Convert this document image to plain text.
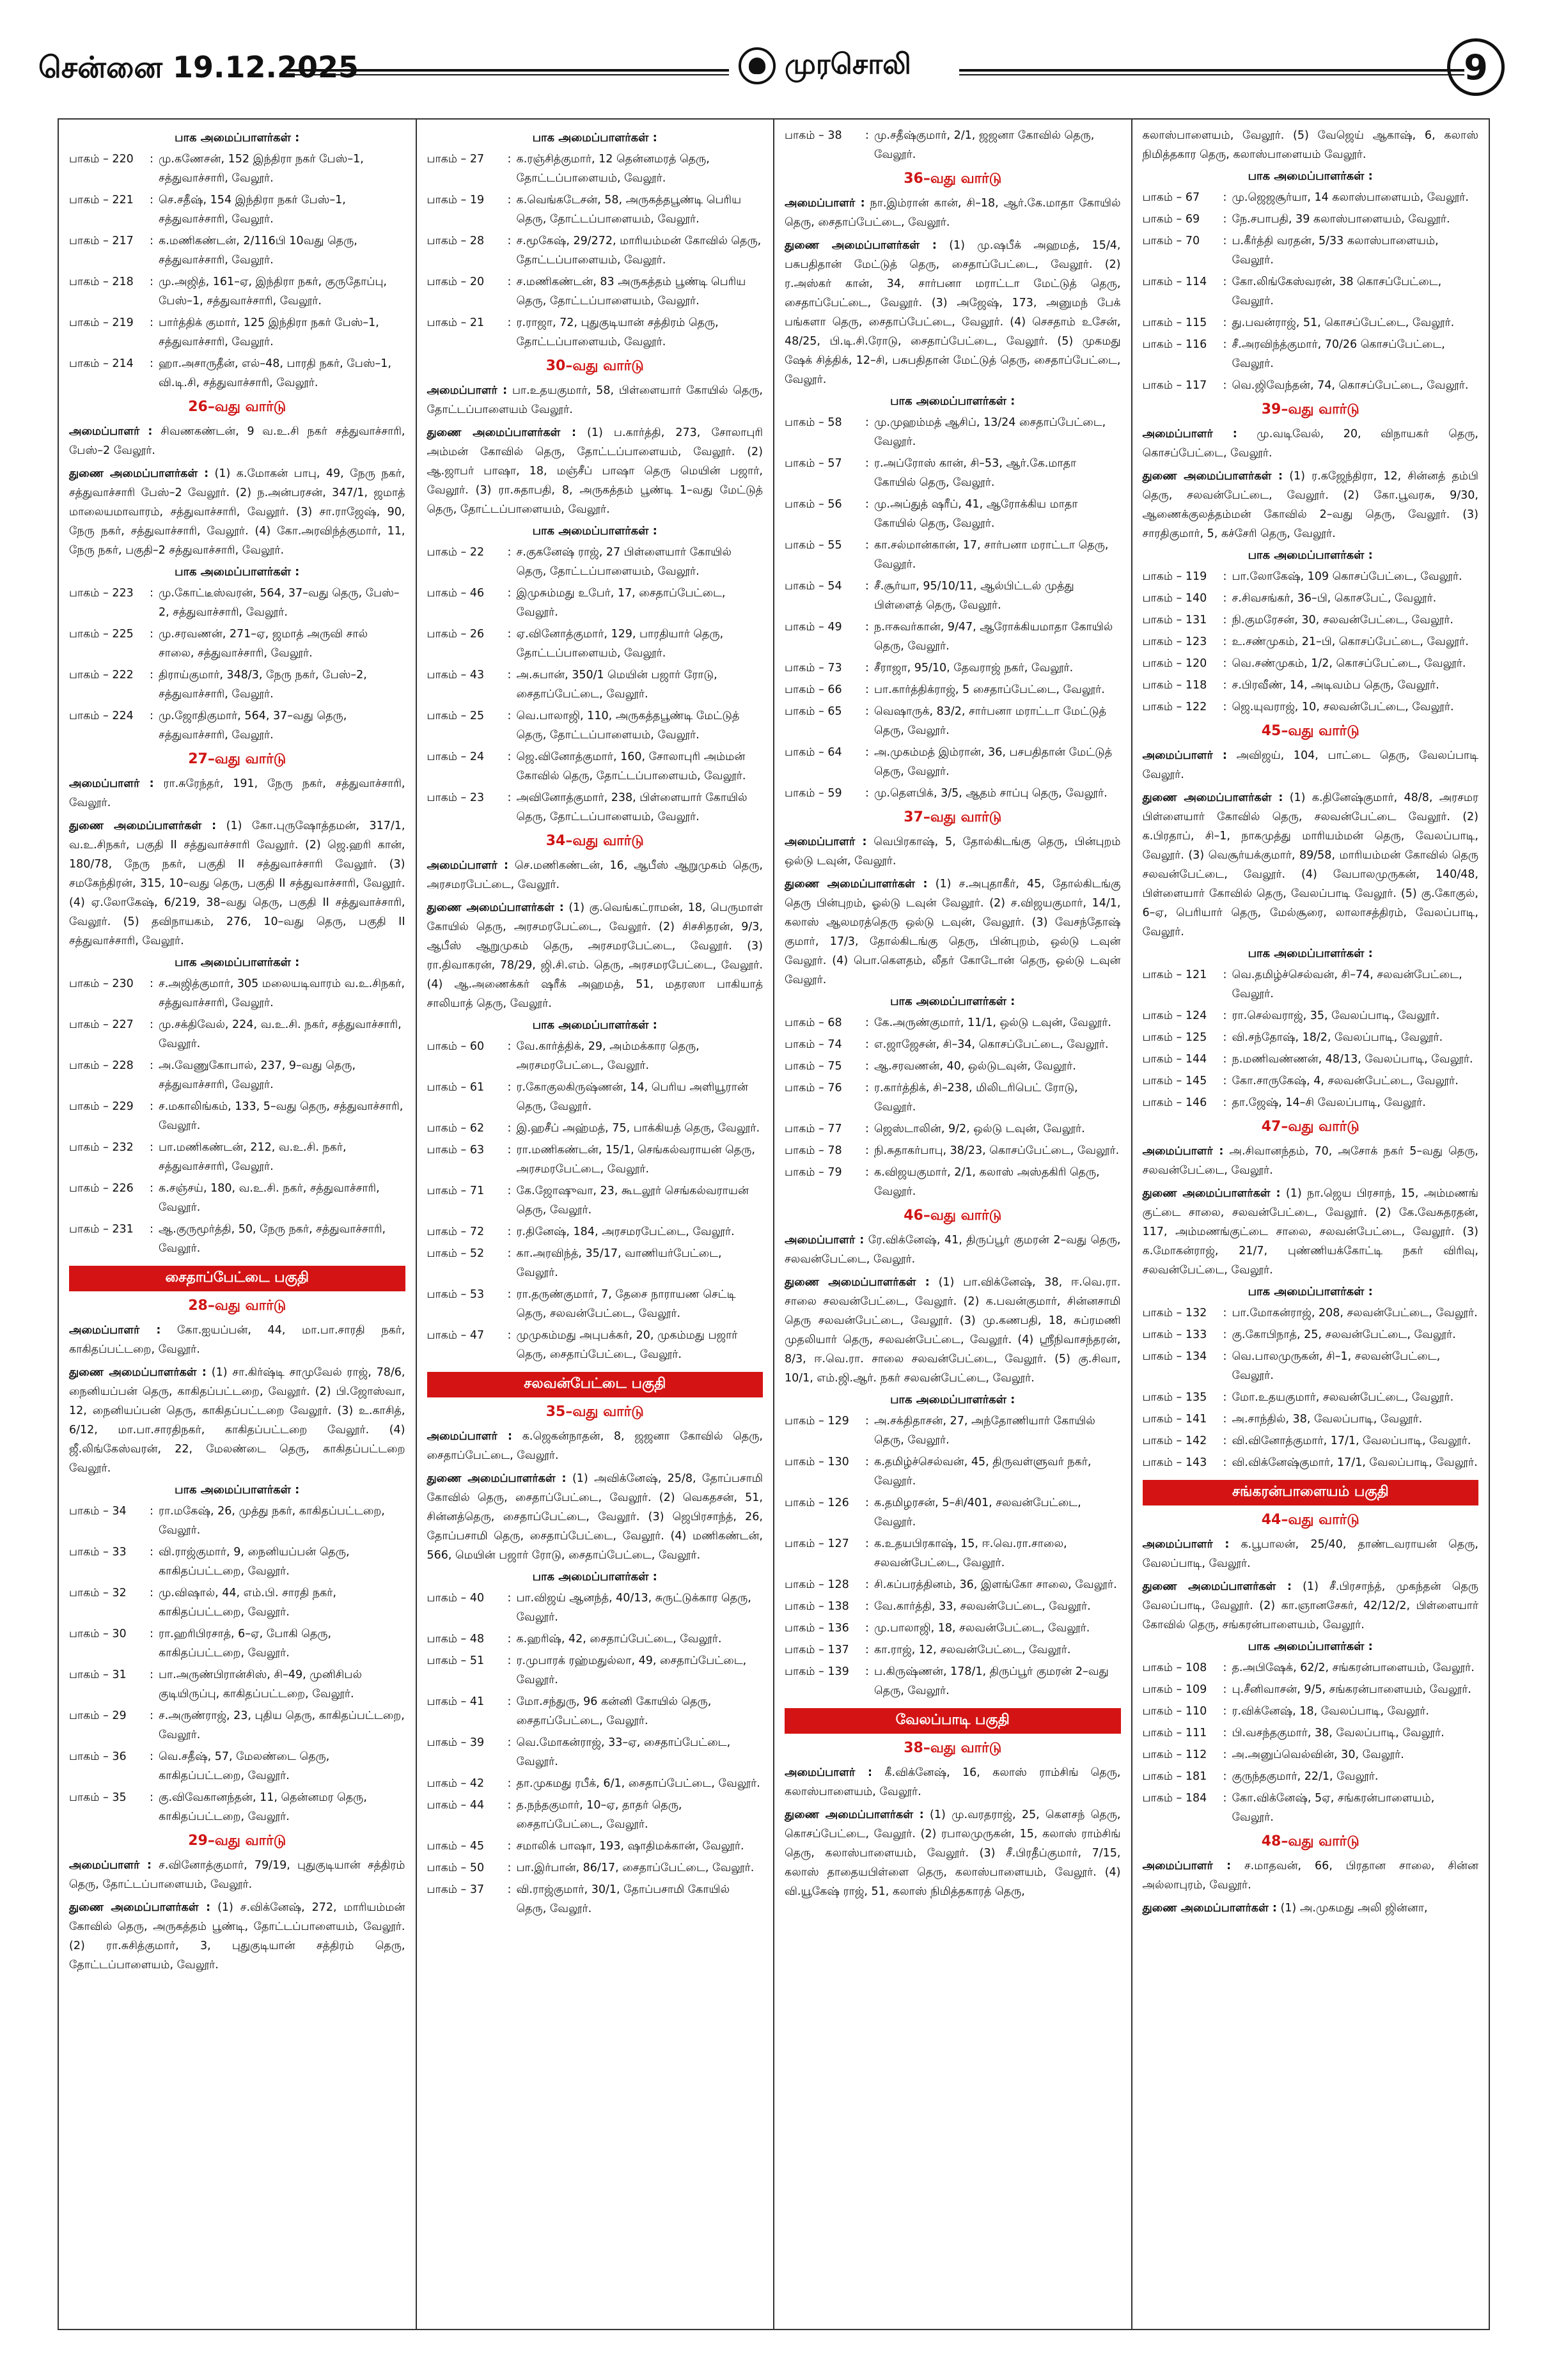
சென்னை 19.12.2025	முரசொலி	9
பாக அமைப்பாளர்கள் :
பாகம் – 220	: மு.கணேசன், 152 இந்திரா நகர் பேஸ்–1, சத்துவாச்சாரி, வேலூர்.
பாகம் – 221	: செ.சதீஷ், 154 இந்திரா நகர் பேஸ்–1, சத்துவாச்சாரி, வேலூர்.
பாகம் – 217	: க.மணிகண்டன், 2/116பி 10வது தெரு, சத்துவாச்சாரி, வேலூர்.
பாகம் – 218	: மு.அஜித், 161–ஏ, இந்திரா நகர், குருதோப்பு, பேஸ்–1, சத்துவாச்சாரி, வேலூர்.
பாகம் – 219	: பார்த்திக் குமார், 125 இந்திரா நகர் பேஸ்–1, சத்துவாச்சாரி, வேலூர்.
பாகம் – 214	: ஹா.அசாருதீன், எல்–48, பாரதி நகர், பேஸ்–1, வி.டி.சி, சத்துவாச்சாரி, வேலூர்.
26–வது வார்டு
அமைப்பாளர் : சிவணகண்டன், 9 வ.உ.சி நகர் சத்துவாச்சாரி, பேஸ்–2 வேலூர்.
துணை அமைப்பாளர்கள் : (1) க.மோகன் பாபு, 49, நேரு நகர், சத்துவாச்சாரி பேஸ்–2 வேலூர். (2) ந.அன்பரசன், 347/1, ஜமாத் மாலையமாவாரம், சத்துவாச்சாரி, வேலூர். (3) சா.ராஜேஷ், 90, நேரு நகர், சத்துவாச்சாரி, வேலூர். (4) கோ.அரவிந்த்குமார், 11, நேரு நகர், பகுதி–2 சத்துவாச்சாரி, வேலூர்.
பாக அமைப்பாளர்கள் :
பாகம் – 223	: மு.கோட்டீஸ்வரன், 564, 37–வது தெரு, பேஸ்–2, சத்துவாச்சாரி, வேலூர்.
பாகம் – 225	: மு.சரவணன், 271–ஏ, ஜமாத் அருவி சால் சாலை, சத்துவாச்சாரி, வேலூர்.
பாகம் – 222	: திராய்குமார், 348/3, நேரு நகர், பேஸ்–2, சத்துவாச்சாரி, வேலூர்.
பாகம் – 224	: மு.ஜோதிகுமார், 564, 37–வது தெரு, சத்துவாச்சாரி, வேலூர்.
27–வது வார்டு
அமைப்பாளர் : ரா.சுரேந்தர், 191, நேரு நகர், சத்துவாச்சாரி, வேலூர்.
துணை அமைப்பாளர்கள் : (1) கோ.புருஷோத்தமன், 317/1, வ.உ.சிநகர், பகுதி II சத்துவாச்சாரி வேலூர். (2) ஜெ.ஹரி கான், 180/78, நேரு நகர், பகுதி II சத்துவாச்சாரி வேலூர். (3) சமகேந்திரன், 315, 10–வது தெரு, பகுதி II சத்துவாச்சாரி, வேலூர். (4) ஏ.லோகேஷ், 6/219, 38–வது தெரு, பகுதி II சத்துவாச்சாரி, வேலூர். (5) தவிநாயகம், 276, 10–வது தெரு, பகுதி II சத்துவாச்சாரி, வேலூர்.
பாக அமைப்பாளர்கள் :
பாகம் – 230	: ச.அஜித்குமார், 305 மலையடிவாரம் வ.உ.சிநகர், சத்துவாச்சாரி, வேலூர்.
பாகம் – 227	: மு.சக்திவேல், 224, வ.உ.சி. நகர், சத்துவாச்சாரி, வேலூர்.
பாகம் – 228	: அ.வேணுகோபால், 237, 9–வது தெரு, சத்துவாச்சாரி, வேலூர்.
பாகம் – 229	: ச.மகாலிங்கம், 133, 5–வது தெரு, சத்துவாச்சாரி, வேலூர்.
பாகம் – 232	: பா.மணிகண்டன், 212, வ.உ.சி. நகர், சத்துவாச்சாரி, வேலூர்.
பாகம் – 226	: க.சஞ்சய், 180, வ.உ.சி. நகர், சத்துவாச்சாரி, வேலூர்.
பாகம் – 231	: ஆ.குருமூர்த்தி, 50, நேரு நகர், சத்துவாச்சாரி, வேலூர்.
சைதாப்பேட்டை பகுதி
28–வது வார்டு
அமைப்பாளர் : கோ.ஐயப்பன், 44, மா.பா.சாரதி நகர், காகிதப்பட்டறை, வேலூர்.
துணை அமைப்பாளர்கள் : (1) சா.கிர்ஷ்டி சாமுவேல் ராஜ், 78/6, நைனியப்பன் தெரு, காகிதப்பட்டறை, வேலூர். (2) பி.ஜோஸ்வா, 12, நைனியப்பன் தெரு, காகிதப்பட்டறை வேலூர். (3) உ.காசித், 6/12, மா.பா.சாரதிநகர், காகிதப்பட்டறை வேலூர். (4) ஜீ.லிங்கேஸ்வரன், 22, மேலண்டை தெரு, காகிதப்பட்டறை வேலூர்.
பாக அமைப்பாளர்கள் :
பாகம் – 34	: ரா.மகேஷ், 26, முத்து நகர், காகிதப்பட்டறை, வேலூர்.
பாகம் – 33	: வி.ராஜ்குமார், 9, நைனியப்பன் தெரு, காகிதப்பட்டறை, வேலூர்.
பாகம் – 32	: மு.விஷால், 44, எம்.பி. சாரதி நகர், காகிதப்பட்டறை, வேலூர்.
பாகம் – 30	: ரா.ஹரிபிரசாத், 6–ஏ, போகி தெரு, காகிதப்பட்டறை, வேலூர்.
பாகம் – 31	: பா.அருண்பிரான்சிஸ், சி–49, முனிசிபல் குடியிருப்பு, காகிதப்பட்டறை, வேலூர்.
பாகம் – 29	: ச.அருண்ராஜ், 23, புதிய தெரு, காகிதப்பட்டறை, வேலூர்.
பாகம் – 36	: வெ.சதீஷ், 57, மேலண்டை தெரு, காகிதப்பட்டறை, வேலூர்.
பாகம் – 35	: கு.விவேகானந்தன், 11, தென்னமர தெரு, காகிதப்பட்டறை, வேலூர்.
29–வது வார்டு
அமைப்பாளர் : ச.வினோத்குமார், 79/19, புதுகுடியான் சத்திரம் தெரு, தோட்டப்பாளையம், வேலூர்.
துணை அமைப்பாளர்கள் : (1) ச.விக்னேஷ், 272, மாரியம்மன் கோவில் தெரு, அருகத்தம் பூண்டி, தோட்டப்பாளையம், வேலூர். (2) ரா.சுசித்குமார், 3, புதுகுடியான் சத்திரம் தெரு, தோட்டப்பாளையம், வேலூர்.
பாக அமைப்பாளர்கள் :
பாகம் – 27	: க.ரஞ்சித்குமார், 12 தென்னமரத் தெரு, தோட்டப்பாளையம், வேலூர்.
பாகம் – 19	: க.வெங்கடேசன், 58, அருகத்தபூண்டி பெரிய தெரு, தோட்டப்பாளையம், வேலூர்.
பாகம் – 28	: ச.மூகேஷ், 29/272, மாரியம்மன் கோவில் தெரு, தோட்டப்பாளையம், வேலூர்.
பாகம் – 20	: ச.மணிகண்டன், 83 அருகத்தம் பூண்டி பெரிய தெரு, தோட்டப்பாளையம், வேலூர்.
பாகம் – 21	: ர.ராஜா, 72, புதுகுடியான் சத்திரம் தெரு, தோட்டப்பாளையம், வேலூர்.
30–வது வார்டு
அமைப்பாளர் : பா.உதயகுமார், 58, பிள்ளையார் கோயில் தெரு, தோட்டப்பாளையம் வேலூர்.
துணை அமைப்பாளர்கள் : (1) ப.கார்த்தி, 273, சோலாபுரி அம்மன் கோவில் தெரு, தோட்டப்பாளையம், வேலூர். (2) ஆ.ஜாபர் பாஷா, 18, மஞ்சீப் பாஷா தெரு மெயின் பஜார், வேலூர். (3) ரா.சுதாபதி, 8, அருகத்தம் பூண்டி 1–வது மேட்டுத் தெரு, தோட்டப்பாளையம், வேலூர்.
பாக அமைப்பாளர்கள் :
பாகம் – 22	: ச.குகனேஷ் ராஜ், 27 பிள்ளையார் கோயில் தெரு, தோட்டப்பாளையம், வேலூர்.
பாகம் – 46	: இமுசும்மது உபேர், 17, சைதாப்பேட்டை, வேலூர்.
பாகம் – 26	: ஏ.வினோத்குமார், 129, பாரதியார் தெரு, தோட்டப்பாளையம், வேலூர்.
பாகம் – 43	: அ.சுபான், 350/1 மெயின் பஜார் ரோடு, சைதாப்பேட்டை, வேலூர்.
பாகம் – 25	: வெ.பாலாஜி, 110, அருகத்தபூண்டி மேட்டுத் தெரு, தோட்டப்பாளையம், வேலூர்.
பாகம் – 24	: ஜெ.வினோத்குமார், 160, சோலாபுரி அம்மன் கோவில் தெரு, தோட்டப்பாளையம், வேலூர்.
பாகம் – 23	: அவினோத்குமார், 238, பிள்ளையார் கோயில் தெரு, தோட்டப்பாளையம், வேலூர்.
34–வது வார்டு
அமைப்பாளர் : செ.மணிகண்டன், 16, ஆபீஸ் ஆறுமுகம் தெரு, அரசமரபேட்டை, வேலூர்.
துணை அமைப்பாளர்கள் : (1) கு.வெங்கட்ராமன், 18, பெருமாள் கோயில் தெரு, அரசமரபேட்டை, வேலூர். (2) சிசசிதரன், 9/3, ஆபீஸ் ஆறுமுகம் தெரு, அரசமரபேட்டை, வேலூர். (3) ரா.திவாகரன், 78/29, ஜி.சி.எம். தெரு, அரசமரபேட்டை, வேலூர். (4) ஆ.அணைக்கர் ஷரீக் அஹமத், 51, மதரஸா பாகியாத் சாலியாத் தெரு, வேலூர்.
பாக அமைப்பாளர்கள் :
பாகம் – 60	: வே.கார்த்திக், 29, அம்மக்கார தெரு, அரசமரபேட்டை, வேலூர்.
பாகம் – 61	: ர.கோகுலகிருஷ்ணன், 14, பெரிய அளியூரான் தெரு, வேலூர்.
பாகம் – 62	: இ.ஹசீப் அஹ்மத், 75, பாக்கியத் தெரு, வேலூர்.
பாகம் – 63	: ரா.மணிகண்டன், 15/1, செங்கல்வராயன் தெரு, அரசமரபேட்டை, வேலூர்.
பாகம் – 71	: கே.ஜோஷுவா, 23, கூடலூர் செங்கல்வராயன் தெரு, வேலூர்.
பாகம் – 72	: ர.தினேஷ், 184, அரசமரபேட்டை, வேலூர்.
பாகம் – 52	: கா.அரவிந்த், 35/17, வாணியர்பேட்டை, வேலூர்.
பாகம் – 53	: ரா.தருண்குமார், 7, தேசை நாராயண செட்டி தெரு, சலவன்பேட்டை, வேலூர்.
பாகம் – 47	: முமுகம்மது அபுபக்கர், 20, முகம்மது பஜார் தெரு, சைதாப்பேட்டை, வேலூர்.
சலவன்பேட்டை பகுதி
35–வது வார்டு
அமைப்பாளர் : க.ஜெகன்நாதன், 8, ஜஜனா கோவில் தெரு, சைதாப்பேட்டை, வேலூர்.
துணை அமைப்பாளர்கள் : (1) அவிக்னேஷ், 25/8, தோப்பசாமி கோவில் தெரு, சைதாப்பேட்டை, வேலூர். (2) வெகதசன், 51, சின்னத்தெரு, சைதாப்பேட்டை, வேலூர். (3) ஜெபிரசாந்த், 26, தோப்பசாமி தெரு, சைதாப்பேட்டை, வேலூர். (4) மணிகண்டன், 566, மெயின் பஜார் ரோடு, சைதாப்பேட்டை, வேலூர்.
பாக அமைப்பாளர்கள் :
பாகம் – 40	: பா.விஜய் ஆனந்த், 40/13, சுருட்டுக்கார தெரு, வேலூர்.
பாகம் – 48	: க.ஹரிஷ், 42, சைதாப்பேட்டை, வேலூர்.
பாகம் – 51	: ர.முபாரக் ரஹ்மதுல்லா, 49, சைதாப்பேட்டை, வேலூர்.
பாகம் – 41	: மோ.சந்துரு, 96 கன்னி கோயில் தெரு, சைதாப்பேட்டை, வேலூர்.
பாகம் – 39	: வெ.மோகன்ராஜ், 33–ஏ, சைதாப்பேட்டை, வேலூர்.
பாகம் – 42	: தா.முகமது ரபீக், 6/1, சைதாப்பேட்டை, வேலூர்.
பாகம் – 44	: த.நந்தகுமார், 10–ஏ, தாதர் தெரு, சைதாப்பேட்டை, வேலூர்.
பாகம் – 45	: சமாலிக் பாஷா, 193, ஷாதிமக்கான், வேலூர்.
பாகம் – 50	: பா.இர்பான், 86/17, சைதாப்பேட்டை, வேலூர்.
பாகம் – 37	: வி.ராஜ்குமார், 30/1, தோப்பசாமி கோயில் தெரு, வேலூர்.
பாகம் – 38	: மு.சதீஷ்குமார், 2/1, ஜஜனா கோவில் தெரு, வேலூர்.
36–வது வார்டு
அமைப்பாளர் : நா.இம்ரான் கான், சி–18, ஆர்.கே.மாதா கோயில் தெரு, சைதாப்பேட்டை, வேலூர்.
துணை அமைப்பாளர்கள் : (1) மு.ஷபீக் அஹமத், 15/4, பசுபதிதான் மேட்டுத் தெரு, சைதாப்பேட்டை, வேலூர். (2) ர.அஸ்கர் கான், 34, சார்பனா மராட்டா மேட்டுத் தெரு, சைதாப்பேட்டை, வேலூர். (3) அஜேஷ், 173, அனுமந் பேக் பங்களா தெரு, சைதாப்பேட்டை, வேலூர். (4) செசதாம் உசேன், 48/25, பி.டி.சி.ரோடு, சைதாப்பேட்டை, வேலூர். (5) முகமது ஷேக் சித்திக், 12–சி, பசுபதிதான் மேட்டுத் தெரு, சைதாப்பேட்டை, வேலூர்.
பாக அமைப்பாளர்கள் :
பாகம் – 58	: மு.முஹம்மத் ஆசிப், 13/24 சைதாப்பேட்டை, வேலூர்.
பாகம் – 57	: ர.அப்ரோஸ் கான், சி–53, ஆர்.கே.மாதா கோயில் தெரு, வேலூர்.
பாகம் – 56	: மு.அப்துத் ஷரீப், 41, ஆரோக்கிய மாதா கோயில் தெரு, வேலூர்.
பாகம் – 55	: கா.சல்மான்கான், 17, சார்பனா மராட்டா தெரு, வேலூர்.
பாகம் – 54	: சீ.சூர்யா, 95/10/11, ஆல்பிட்டல் முத்து பிள்ளைத் தெரு, வேலூர்.
பாகம் – 49	: ந.ஈசுவர்கான், 9/47, ஆரோக்கியமாதா கோயில் தெரு, வேலூர்.
பாகம் – 73	: சீராஜா, 95/10, தேவராஜ் நகர், வேலூர்.
பாகம் – 66	: பா.கார்த்திக்ராஜ், 5 சைதாப்பேட்டை, வேலூர்.
பாகம் – 65	: வெஷாருக், 83/2, சார்பனா மராட்டா மேட்டுத் தெரு, வேலூர்.
பாகம் – 64	: அ.முகம்மத் இம்ரான், 36, பசபதிதான் மேட்டுத் தெரு, வேலூர்.
பாகம் – 59	: மு.தௌபிக், 3/5, ஆதம் சாப்பு தெரு, வேலூர்.
37–வது வார்டு
அமைப்பாளர் : வெபிரகாஷ், 5, தோல்கிடங்கு தெரு, பின்புறம் ஒல்டு டவுன், வேலூர்.
துணை அமைப்பாளர்கள் : (1) ச.அபுதாகீர், 45, தோல்கிடங்கு தெரு பின்புறம், ஓல்டு டவுன் வேலூர். (2) ச.விஜயகுமார், 14/1, கலாஸ் ஆலமரத்தெரு ஒல்டு டவுன், வேலூர். (3) வேசந்தோஷ் குமார், 17/3, தோல்கிடங்கு தெரு, பின்புறம், ஒல்டு டவுன் வேலூர். (4) பொ.கௌதம், லீதர் கோடோன் தெரு, ஒல்டு டவுன் வேலூர்.
பாக அமைப்பாளர்கள் :
பாகம் – 68	: கே.அருண்குமார், 11/1, ஒல்டு டவுன், வேலூர்.
பாகம் – 74	: எ.ஜாஜேசன், சி–34, கொசப்பேட்டை, வேலூர்.
பாகம் – 75	: ஆ.சரவணன், 40, ஒல்டுடவுன், வேலூர்.
பாகம் – 76	: ர.கார்த்திக், சி–238, மிலிடரிபெட் ரோடு, வேலூர்.
பாகம் – 77	: ஜெஸ்டாலின், 9/2, ஒல்டு டவுன், வேலூர்.
பாகம் – 78	: நி.சுதாகர்பாபு, 38/23, கொசப்பேட்டை, வேலூர்.
பாகம் – 79	: க.விஜயகுமார், 2/1, கலாஸ் அஸ்தகிரி தெரு, வேலூர்.
46–வது வார்டு
அமைப்பாளர் : ரே.விக்னேஷ், 41, திருப்பூர் குமரன் 2–வது தெரு, சலவன்பேட்டை, வேலூர்.
துணை அமைப்பாளர்கள் : (1) பா.விக்னேஷ், 38, ஈ.வெ.ரா. சாலை சலவன்பேட்டை, வேலூர். (2) க.பவன்குமார், சின்னசாமி தெரு சலவன்பேட்டை, வேலூர். (3) மு.கணபதி, 18, சுப்ரமணி முதலியார் தெரு, சலவன்பேட்டை, வேலூர். (4) ஸ்ரீநிவாசந்தரன், 8/3, ஈ.வெ.ரா. சாலை சலவன்பேட்டை, வேலூர். (5) கு.சிவா, 10/1, எம்.ஜி.ஆர். நகர் சலவன்பேட்டை, வேலூர்.
பாக அமைப்பாளர்கள் :
பாகம் – 129	: அ.சக்திதாசன், 27, அந்தோணியார் கோயில் தெரு, வேலூர்.
பாகம் – 130	: க.தமிழ்ச்செல்வன், 45, திருவள்ளுவர் நகர், வேலூர்.
பாகம் – 126	: க.தமிழரசன், 5–சி/401, சலவன்பேட்டை, வேலூர்.
பாகம் – 127	: க.உதயபிரகாஷ், 15, ஈ.வெ.ரா.சாலை, சலவன்பேட்டை, வேலூர்.
பாகம் – 128	: சி.கப்பரத்தினம், 36, இளங்கோ சாலை, வேலூர்.
பாகம் – 138	: வே.கார்த்தி, 33, சலவன்பேட்டை, வேலூர்.
பாகம் – 136	: மு.பாலாஜி, 18, சலவன்பேட்டை, வேலூர்.
பாகம் – 137	: கா.ராஜ், 12, சலவன்பேட்டை, வேலூர்.
பாகம் – 139	: ப.கிருஷ்ணன், 178/1, திருப்பூர் குமரன் 2–வது தெரு, வேலூர்.
வேலப்பாடி பகுதி
38–வது வார்டு
அமைப்பாளர் : கீ.விக்னேஷ், 16, கலாஸ் ராம்சிங் தெரு, கலாஸ்பாளையம், வேலூர்.
துணை அமைப்பாளர்கள் : (1) மு.வரதராஜ், 25, கௌசந் தெரு, கொசப்பேட்டை, வேலூர். (2) ரபாலமுருகன், 15, கலாஸ் ராம்சிங் தெரு, கலாஸ்பாளையம், வேலூர். (3) சீ.பிரதீப்குமார், 7/15, கலாஸ் தாதையபிள்ளை தெரு, கலாஸ்பாளையம், வேலூர். (4) வி.யூகேஷ் ராஜ், 51, கலாஸ் நிமித்தகாரத் தெரு,
கலாஸ்பாளையம், வேலூர். (5) வேஜெய் ஆகாஷ், 6, கலாஸ் நிமித்தகார தெரு, கலாஸ்பாளையம் வேலூர்.
பாக அமைப்பாளர்கள் :
பாகம் – 67	: மு.ஜெஜசூர்யா, 14 கலாஸ்பாளையம், வேலூர்.
பாகம் – 69	: நே.சபாபதி, 39 கலாஸ்பாளையம், வேலூர்.
பாகம் – 70	: ப.கீர்த்தி வரதன், 5/33 கலாஸ்பாளையம், வேலூர்.
பாகம் – 114	: கோ.லிங்கேஸ்வரன், 38 கொசப்பேட்டை, வேலூர்.
பாகம் – 115	: து.பவன்ராஜ், 51, கொசப்பேட்டை, வேலூர்.
பாகம் – 116	: சீ.அரவிந்த்குமார், 70/26 கொசப்பேட்டை, வேலூர்.
பாகம் – 117	: வெ.ஜிவேந்தன், 74, கொசப்பேட்டை, வேலூர்.
39–வது வார்டு
அமைப்பாளர் : மு.வடிவேல், 20, விநாயகர் தெரு, கொசப்பேட்டை, வேலூர்.
துணை அமைப்பாளர்கள் : (1) ர.கஜேந்திரா, 12, சின்னத் தம்பி தெரு, சலவன்பேட்டை, வேலூர். (2) கோ.பூவரசு, 9/30, ஆணைக்குலத்தம்மன் கோவில் 2–வது தெரு, வேலூர். (3) சாரதிகுமார், 5, கச்சேரி தெரு, வேலூர்.
பாக அமைப்பாளர்கள் :
பாகம் – 119	: பா.லோகேஷ், 109 கொசப்பேட்டை, வேலூர்.
பாகம் – 140	: ச.சிவசங்கர், 36–பி, கொசபேட், வேலூர்.
பாகம் – 131	: நி.குமரேசன், 30, சலவன்பேட்டை, வேலூர்.
பாகம் – 123	: உ.சண்முகம், 21–பி, கொசப்பேட்டை, வேலூர்.
பாகம் – 120	: வெ.சண்முகம், 1/2, கொசப்பேட்டை, வேலூர்.
பாகம் – 118	: ச.பிரவீண், 14, அடிவம்ப தெரு, வேலூர்.
பாகம் – 122	: ஜெ.யுவராஜ், 10, சலவன்பேட்டை, வேலூர்.
45–வது வார்டு
அமைப்பாளர் : அவிஜய், 104, பாட்டை தெரு, வேலப்பாடி வேலூர்.
துணை அமைப்பாளர்கள் : (1) க.தினேஷ்குமார், 48/8, அரசமர பிள்ளையார் கோவில் தெரு, சலவன்பேட்டை வேலூர். (2) க.பிரதாப், சி–1, நாகமுத்து மாரியம்மன் தெரு, வேலப்பாடி, வேலூர். (3) வெசூர்யக்குமார், 89/58, மாரியம்மன் கோவில் தெரு சலவன்பேட்டை, வேலூர். (4) வேபாலமுருகன், 140/48, பிள்ளையார் கோவில் தெரு, வேலப்பாடி வேலூர். (5) கு.கோகுல், 6–ஏ, பெரியார் தெரு, மேல்சூரை, லாலாசத்திரம், வேலப்பாடி, வேலூர்.
பாக அமைப்பாளர்கள் :
பாகம் – 121	: வெ.தமிழ்ச்செல்வன், சி–74, சலவன்பேட்டை, வேலூர்.
பாகம் – 124	: ரா.செல்வராஜ், 35, வேலப்பாடி, வேலூர்.
பாகம் – 125	: வி.சந்தோஷ், 18/2, வேலப்பாடி, வேலூர்.
பாகம் – 144	: ந.மணிவண்ணன், 48/13, வேலப்பாடி, வேலூர்.
பாகம் – 145	: கோ.சாருகேஷ், 4, சலவன்பேட்டை, வேலூர்.
பாகம் – 146	: தா.ஜேஷ், 14–சி வேலப்பாடி, வேலூர்.
47–வது வார்டு
அமைப்பாளர் : அ.சிவானந்தம், 70, அசோக் நகர் 5–வது தெரு, சலவன்பேட்டை, வேலூர்.
துணை அமைப்பாளர்கள் : (1) நா.ஜெய பிரசாந், 15, அம்மணங் குட்டை சாலை, சலவன்பேட்டை, வேலூர். (2) கே.வேசுதரதன், 117, அம்மணங்குட்டை சாலை, சலவன்பேட்டை, வேலூர். (3) க.மோகன்ராஜ், 21/7, புண்ணியக்கோட்டி நகர் விரிவு, சலவன்பேட்டை, வேலூர்.
பாக அமைப்பாளர்கள் :
பாகம் – 132	: பா.மோகன்ராஜ், 208, சலவன்பேட்டை, வேலூர்.
பாகம் – 133	: கு.கோபிநாத், 25, சலவன்பேட்டை, வேலூர்.
பாகம் – 134	: வெ.பாலமுருகன், சி–1, சலவன்பேட்டை, வேலூர்.
பாகம் – 135	: மோ.உதயகுமார், சலவன்பேட்டை, வேலூர்.
பாகம் – 141	: அ.சாந்தில், 38, வேலப்பாடி, வேலூர்.
பாகம் – 142	: வி.வினோத்குமார், 17/1, வேலப்பாடி, வேலூர்.
பாகம் – 143	: வி.விக்னேஷ்குமார், 17/1, வேலப்பாடி, வேலூர்.
சங்கரன்பாளையம் பகுதி
44–வது வார்டு
அமைப்பாளர் : க.பூபாலன், 25/40, தாண்டவராயன் தெரு, வேலப்பாடி, வேலூர்.
துணை அமைப்பாளர்கள் : (1) சீ.பிரசாந்த், முகந்தன் தெரு வேலப்பாடி, வேலூர். (2) கா.ஞானசேகர், 42/12/2, பிள்ளையார் கோவில் தெரு, சங்கரன்பாளையம், வேலூர்.
பாக அமைப்பாளர்கள் :
பாகம் – 108	: த.அபிஷேக், 62/2, சங்கரன்பாளையம், வேலூர்.
பாகம் – 109	: பு.சீனிவாசன், 9/5, சங்கரன்பாளையம், வேலூர்.
பாகம் – 110	: ர.விக்னேஷ், 18, வேலப்பாடி, வேலூர்.
பாகம் – 111	: பி.வசந்தகுமார், 38, வேலப்பாடி, வேலூர்.
பாகம் – 112	: அ.அனுப்வெல்வின், 30, வேலூர்.
பாகம் – 181	: குருந்தகுமார், 22/1, வேலூர்.
பாகம் – 184	: கோ.விக்னேஷ், 5ஏ, சங்கரன்பாளையம், வேலூர்.
48–வது வார்டு
அமைப்பாளர் : ச.மாதவன், 66, பிரதான சாலை, சின்ன அல்லாபுரம், வேலூர்.
துணை அமைப்பாளர்கள் : (1) அ.முகமது அலி ஜின்னா,
